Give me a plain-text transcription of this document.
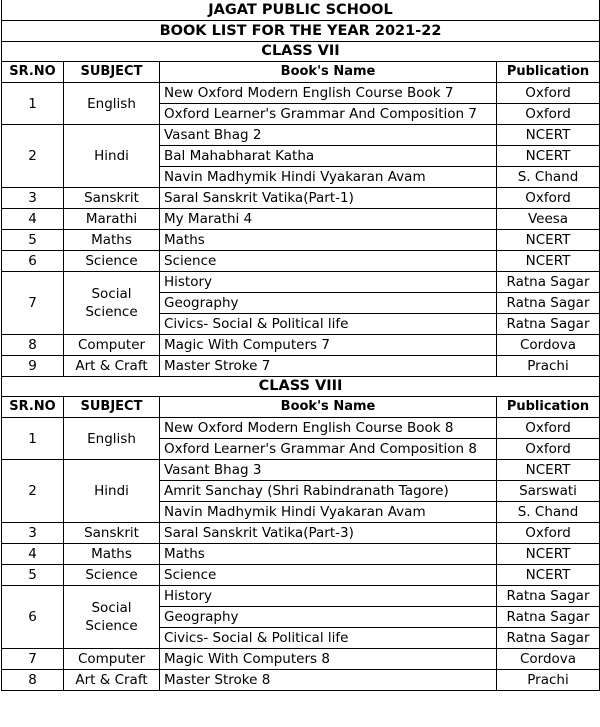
JAGAT PUBLIC SCHOOL			
BOOK LIST FOR THE YEAR 2021-22			
CLASS VII			
SR.NO	SUBJECT	Book's Name	Publication
1	English	New Oxford Modern English Course Book 7	Oxford
		Oxford Learner's Grammar And Composition 7	Oxford
2	Hindi	Vasant Bhag 2	NCERT
		Bal Mahabharat Katha	NCERT
		Navin Madhymik Hindi Vyakaran Avam	S. Chand
3	Sanskrit	Saral Sanskrit Vatika(Part-1)	Oxford
4	Marathi	My Marathi 4	Veesa
5	Maths	Maths	NCERT
6	Science	Science	NCERT
7	Social Science	History	Ratna Sagar
		Geography	Ratna Sagar
		Civics- Social & Political life	Ratna Sagar
8	Computer	Magic With Computers 7	Cordova
9	Art & Craft	Master Stroke 7	Prachi
CLASS VIII			
SR.NO	SUBJECT	Book's Name	Publication
1	English	New Oxford Modern English Course Book 8	Oxford
		Oxford Learner's Grammar And Composition 8	Oxford
2	Hindi	Vasant Bhag 3	NCERT
		Amrit Sanchay (Shri Rabindranath Tagore)	Sarswati
		Navin Madhymik Hindi Vyakaran Avam	S. Chand
3	Sanskrit	Saral Sanskrit Vatika(Part-3)	Oxford
4	Maths	Maths	NCERT
5	Science	Science	NCERT
6	Social Science	History	Ratna Sagar
		Geography	Ratna Sagar
		Civics- Social & Political life	Ratna Sagar
7	Computer	Magic With Computers 8	Cordova
8	Art & Craft	Master Stroke 8	Prachi
